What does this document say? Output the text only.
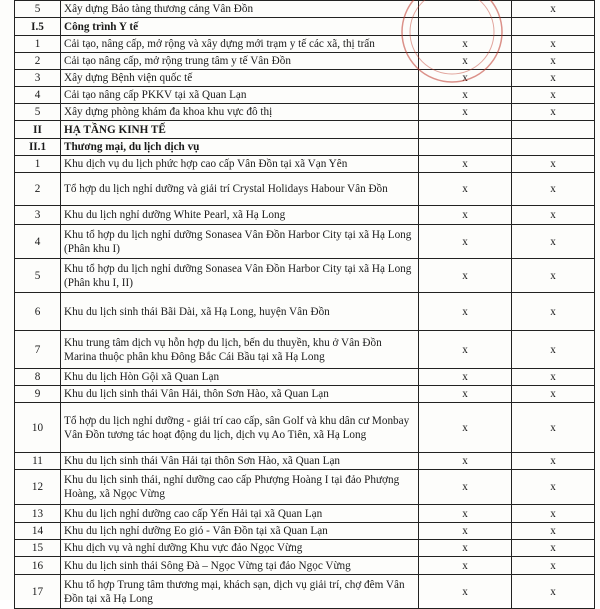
5	Xây dựng Bảo tàng thương cảng Vân Đồn		x
I.5	Công trình Y tế		
1	Cải tạo, nâng cấp, mở rộng và xây dựng mới trạm y tế các xã, thị trấn	x	x
2	Cải tạo nâng cấp, mở rộng trung tâm y tế Vân Đồn	x	x
3	Xây dựng Bệnh viện quốc tế	x	x
4	Cải tạo nâng cấp PKKV tại xã Quan Lạn	x	x
5	Xây dựng phòng khám đa khoa khu vực đô thị	x	x
II	HẠ TẦNG KINH TẾ		
II.1	Thương mại, du lịch dịch vụ		
1	Khu dịch vụ du lịch phức hợp cao cấp Vân Đồn tại xã Vạn Yên	x	x
2	Tổ hợp du lịch nghỉ dưỡng và giải trí Crystal Holidays Habour Vân Đồn	x	x
3	Khu du lịch nghỉ dưỡng White Pearl, xã Hạ Long	x	x
4	Khu tổ hợp du lịch nghỉ dưỡng Sonasea Vân Đồn Harbor City tại xã Hạ Long (Phân khu I)	x	x
5	Khu tổ hợp du lịch nghỉ dưỡng Sonasea Vân Đồn Harbor City tại xã Hạ Long (Phân khu I, II)	x	x
6	Khu du lịch sinh thái Bãi Dài, xã Hạ Long, huyện Vân Đồn	x	x
7	Khu trung tâm dịch vụ hỗn hợp du lịch, bến du thuyền, khu ở Vân Đồn Marina thuộc phân khu Đông Bắc Cái Bầu tại xã Hạ Long	x	x
8	Khu du lịch Hòn Gội xã Quan Lạn	x	x
9	Khu du lịch sinh thái Vân Hải, thôn Sơn Hào, xã Quan Lạn	x	x
10	Tổ hợp du lịch nghỉ dưỡng - giải trí cao cấp, sân Golf và khu dân cư Monbay Vân Đồn tương tác hoạt động du lịch, dịch vụ Ao Tiên, xã Hạ Long	x	x
11	Khu du lịch sinh thái Vân Hải tại thôn Sơn Hào, xã Quan Lạn	x	x
12	Khu du lịch sinh thái, nghỉ dưỡng cao cấp Phượng Hoàng I tại đảo Phượng Hoàng, xã Ngọc Vừng	x	x
13	Khu du lịch nghỉ dưỡng cao cấp Yến Hải tại xã Quan Lạn	x	x
14	Khu du lịch nghỉ dưỡng Eo gió - Vân Đồn tại xã Quan Lạn	x	x
15	Khu dịch vụ và nghỉ dưỡng Khu vực đảo Ngọc Vừng	x	x
16	Khu du lịch sinh thái Sông Đà – Ngọc Vừng tại đảo Ngọc Vừng	x	x
17	Khu tổ hợp Trung tâm thương mại, khách sạn, dịch vụ giải trí, chợ đêm Vân Đồn tại xã Hạ Long	x	x
